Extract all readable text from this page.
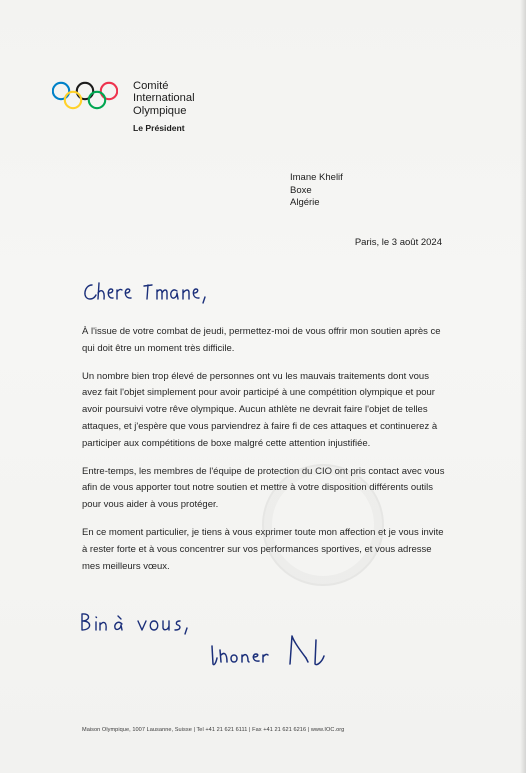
Comité
International
Olympique
Le Président
Imane Khelif
Boxe
Algérie
Paris, le 3 août 2024

À l'issue de votre combat de jeudi, permettez-moi de vous offrir mon soutien après ce qui doit être un moment très difficile.

Un nombre bien trop élevé de personnes ont vu les mauvais traitements dont vous avez fait l'objet simplement pour avoir participé à une compétition olympique et pour avoir poursuivi votre rêve olympique. Aucun athlète ne devrait faire l'objet de telles attaques, et j'espère que vous parviendrez à faire fi de ces attaques et continuerez à participer aux compétitions de boxe malgré cette attention injustifiée.

Entre-temps, les membres de l'équipe de protection du CIO ont pris contact avec vous afin de vous apporter tout notre soutien et mettre à votre disposition différents outils pour vous aider à vous protéger.

En ce moment particulier, je tiens à vous exprimer toute mon affection et je vous invite à rester forte et à vous concentrer sur vos performances sportives, et vous adresse mes meilleurs vœux.

Maison Olympique, 1007 Lausanne, Suisse | Tel +41 21 621 6111 | Fax +41 21 621 6216 | www.IOC.org
